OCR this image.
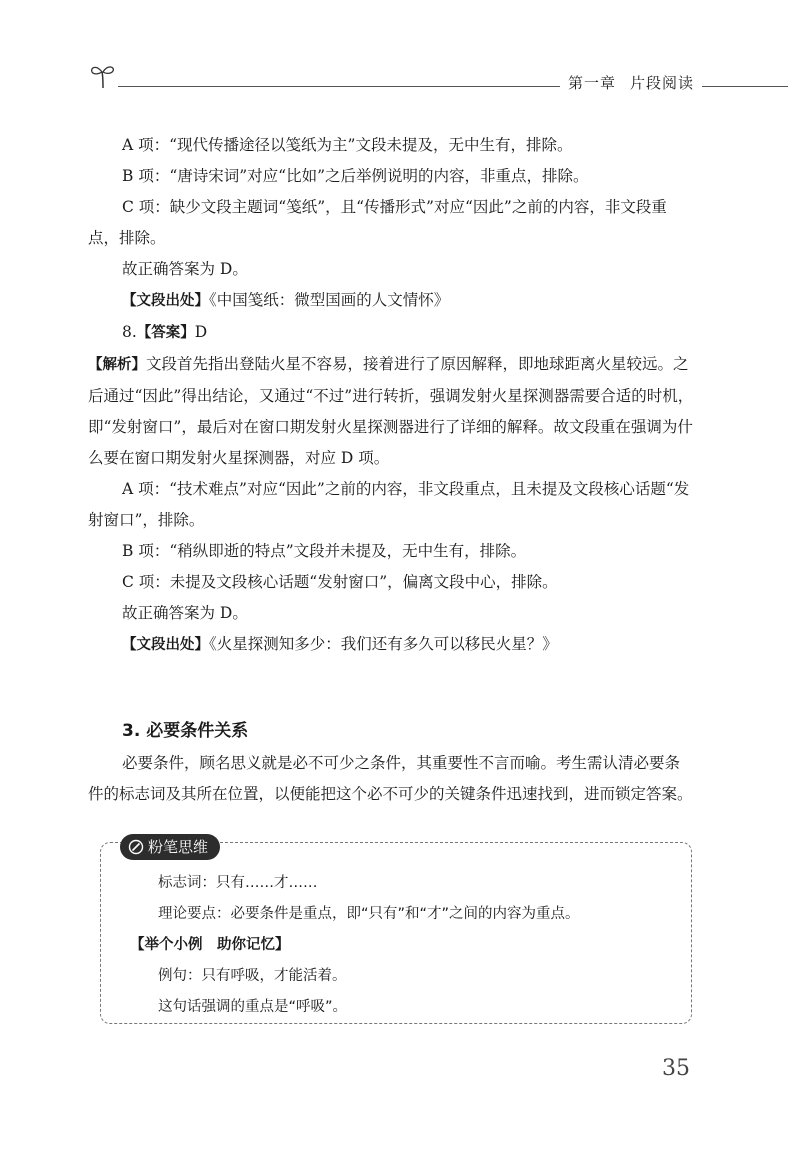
第一章 片段阅读

A 项：“现代传播途径以笺纸为主”文段未提及，无中生有，排除。

B 项：“唐诗宋词”对应“比如”之后举例说明的内容，非重点，排除。

C 项：缺少文段主题词“笺纸”，且“传播形式”对应“因此”之前的内容，非文段重点，排除。

故正确答案为 D。

【文段出处】《中国笺纸：微型国画的人文情怀》

8.【答案】D

【解析】文段首先指出登陆火星不容易，接着进行了原因解释，即地球距离火星较远。之后通过“因此”得出结论，又通过“不过”进行转折，强调发射火星探测器需要合适的时机，即“发射窗口”，最后对在窗口期发射火星探测器进行了详细的解释。故文段重在强调为什么要在窗口期发射火星探测器，对应 D 项。

A 项：“技术难点”对应“因此”之前的内容，非文段重点，且未提及文段核心话题“发射窗口”，排除。

B 项：“稍纵即逝的特点”文段并未提及，无中生有，排除。

C 项：未提及文段核心话题“发射窗口”，偏离文段中心，排除。

故正确答案为 D。

【文段出处】《火星探测知多少：我们还有多久可以移民火星？》

3. 必要条件关系

必要条件，顾名思义就是必不可少之条件，其重要性不言而喻。考生需认清必要条件的标志词及其所在位置，以便能把这个必不可少的关键条件迅速找到，进而锁定答案。

粉笔思维

标志词：只有……才……

理论要点：必要条件是重点，即“只有”和“才”之间的内容为重点。

【举个小例　助你记忆】

例句：只有呼吸，才能活着。

这句话强调的重点是“呼吸”。

35
